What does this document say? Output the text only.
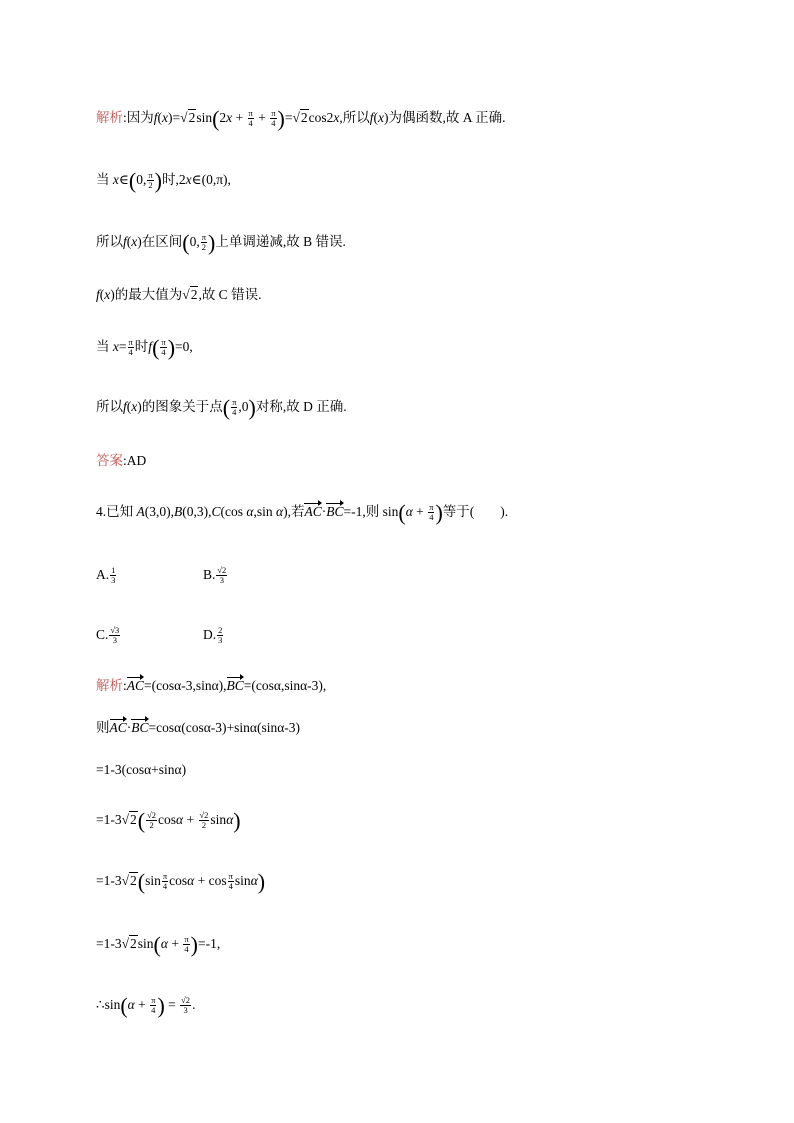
解析:因为$f(x)=√2\sin(2x + \frac{\pi}{4} + \frac{\pi}{4} )=√2\cos 2x$,所以f(x)为偶函数,故 A 正确.
当 x∈(0, $\frac{\pi}{2}$ )时,2x∈(0,π),
所以f(x)在区间(0, $\frac{\pi}{2}$ )上单调递减,故 B 错误.
f(x)的最大值为√2,故 C 错误.
当 $x= \frac{\pi}{4}$ 时$f( \frac{\pi}{4} )=0$,
所以f(x)的图象关于点( $\frac{\pi}{4} ,0$)对称,故 D 正确.
答案:AD
4.已知 A(3,0),B(0,3),C(cos α,sin α),若AC·BC=-1,则 $\sin(\alpha + \frac{\pi}{4}$ )等于( ).
A. $\frac{1}{3}$	B. $\frac{√2}{3}$
C. $\frac{√3}{3}$	D. $\frac{2}{3}$
解析:AC=(cosα-3,sinα),BC=(cosα,sinα-3),
则AC·BC=cosα(cosα-3)+sinα(sinα-3)
=1-3(cosα+sinα)
$=1-3√2( \frac{√2}{2}$ $\cos\alpha + \frac{√2}{2} \sin\alpha$)
$=1-3√2(\sin \frac{\pi}{4}$ $\cos\alpha + \cos \frac{\pi}{4} \sin\alpha$)
$=1-3√2\sin(\alpha + \frac{\pi}{4} )=-1$,
∴sin(α + $\frac{\pi}{4}$ ) = $\frac{√2}{3}$ .
